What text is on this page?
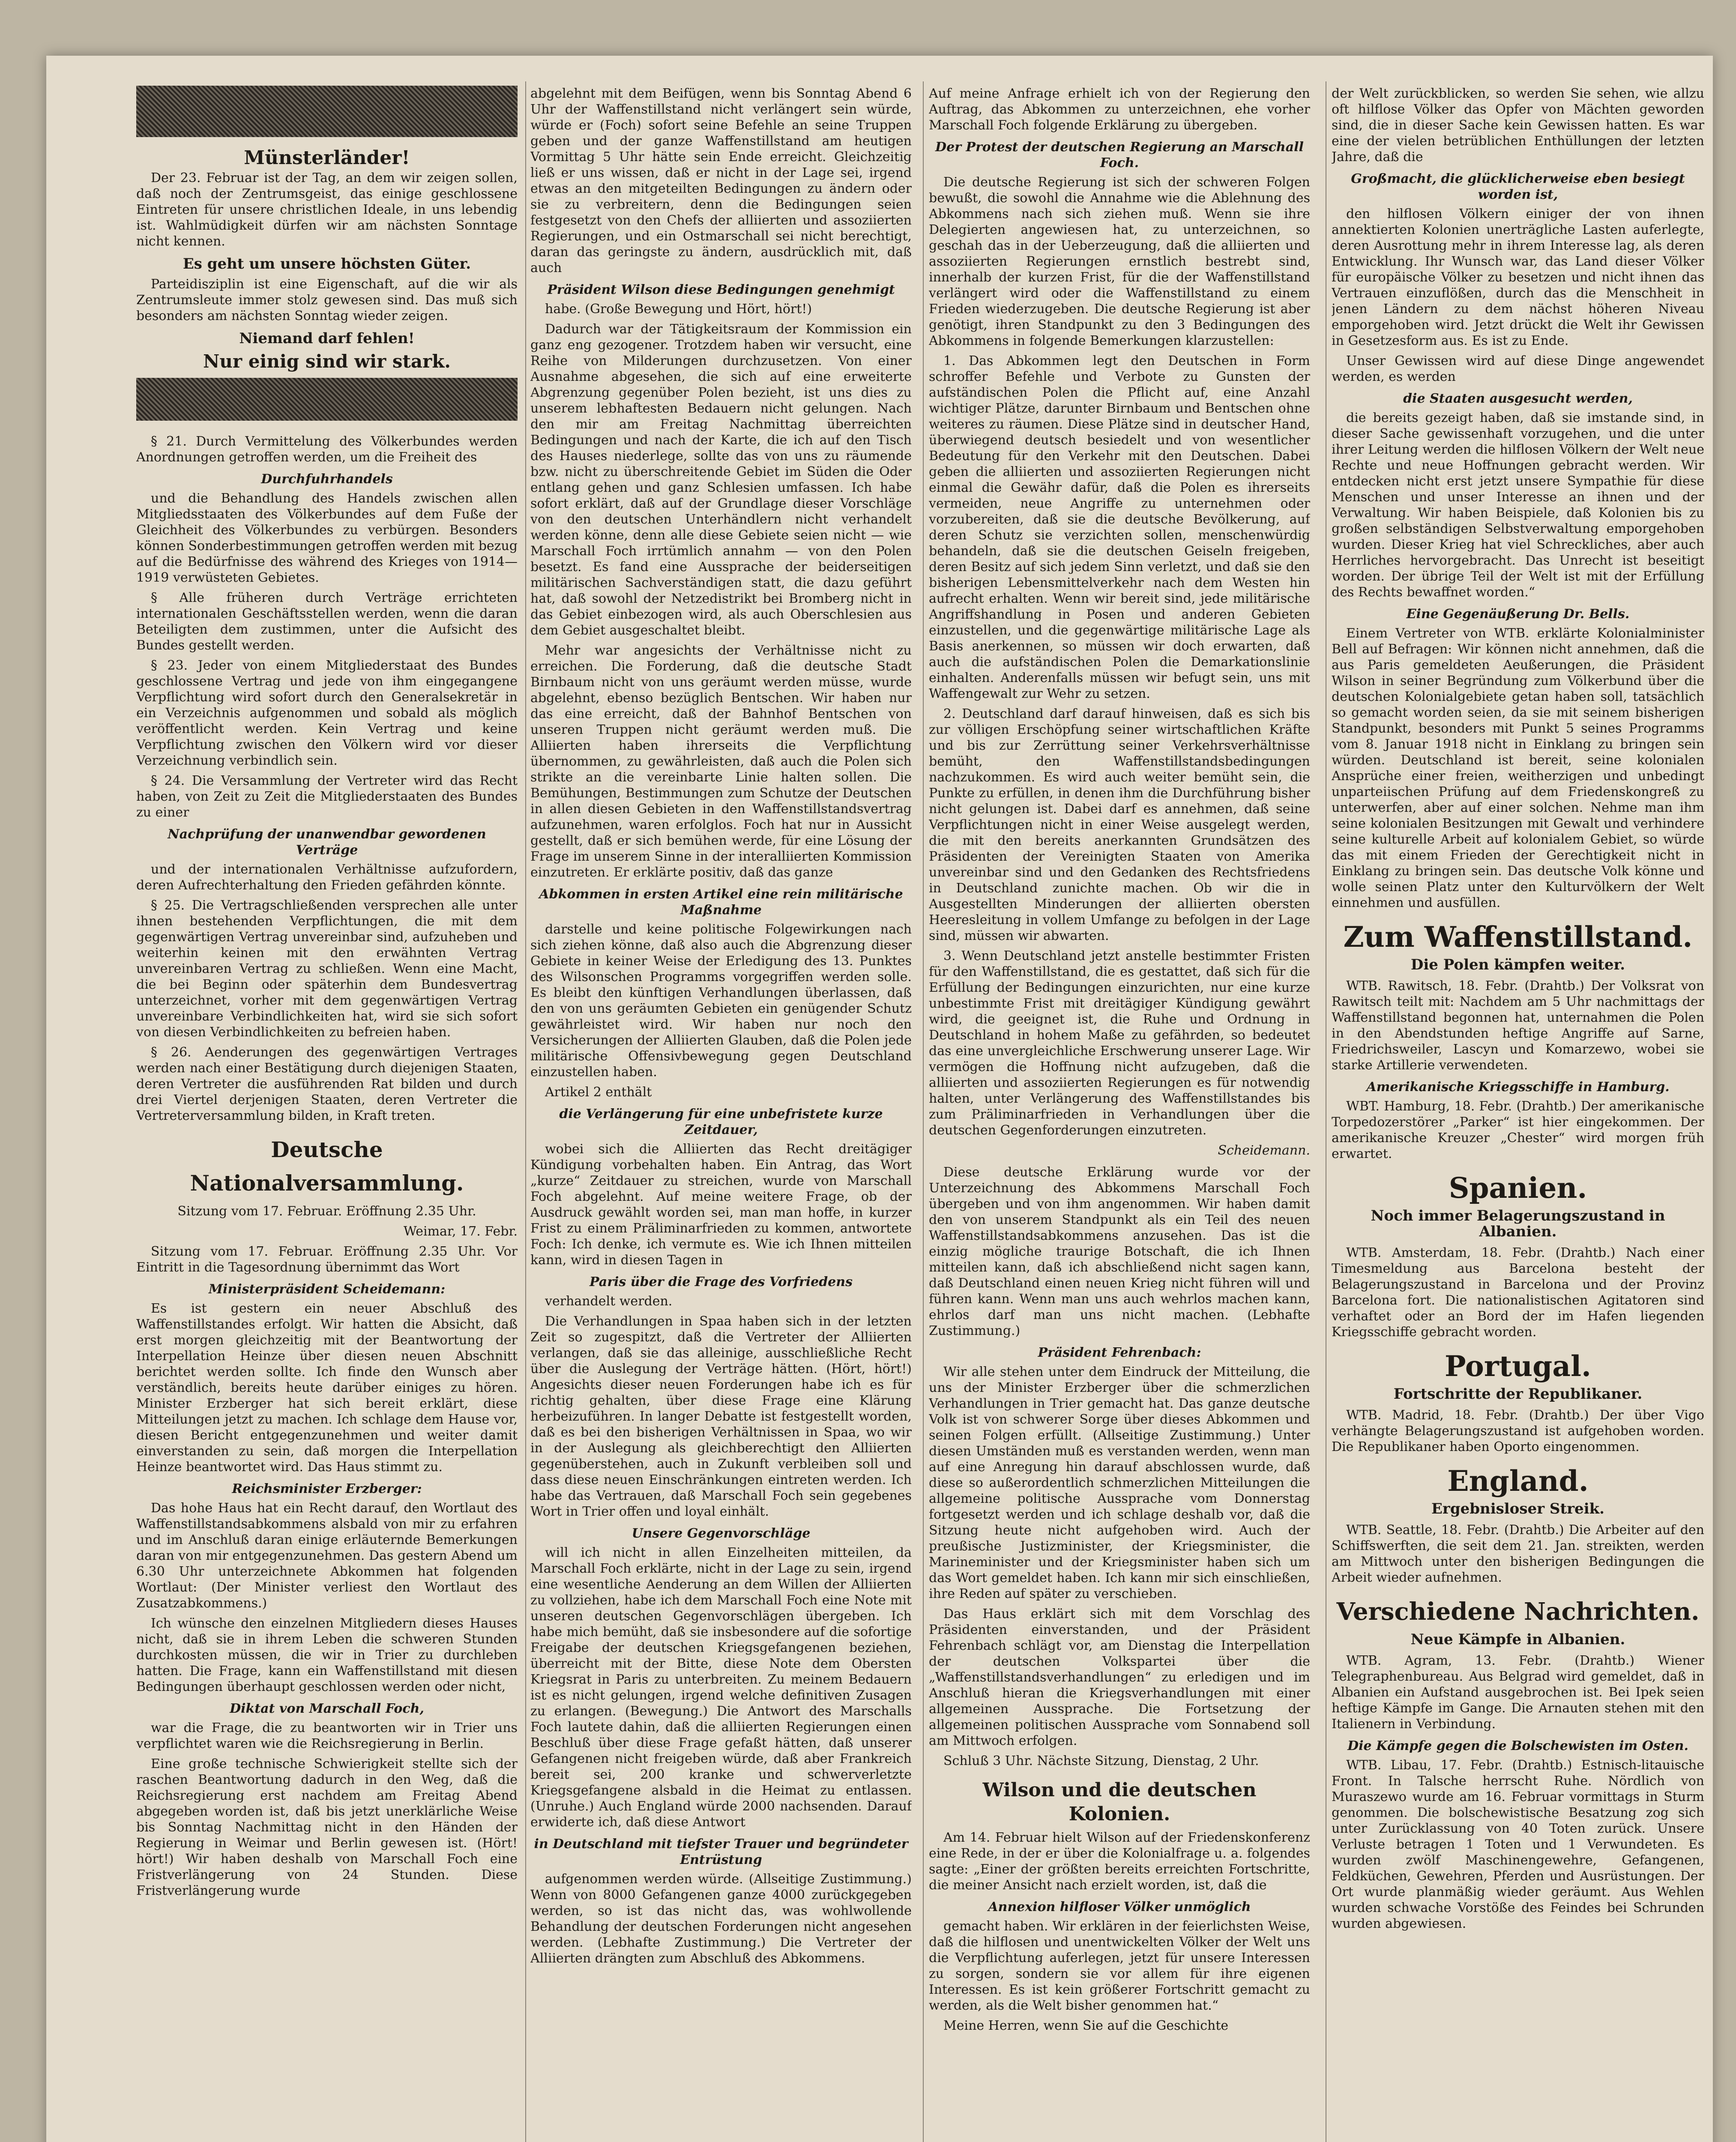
Münsterländer!

Der 23. Februar ist der Tag, an dem wir zeigen sollen, daß noch der Zentrumsgeist, das einige geschlossene Eintreten für unsere christlichen Ideale, in uns lebendig ist. Wahlmüdigkeit dürfen wir am nächsten Sonntage nicht kennen.

Es geht um unsere höchsten Güter.

Parteidisziplin ist eine Eigenschaft, auf die wir als Zentrumsleute immer stolz gewesen sind. Das muß sich besonders am nächsten Sonntag wieder zeigen.

Niemand darf fehlen!
Nur einig sind wir stark.

§ 21. Durch Vermittelung des Völkerbundes werden Anordnungen getroffen werden, um die Freiheit des

Durchfuhrhandels

und die Behandlung des Handels zwischen allen Mitgliedsstaaten des Völkerbundes auf dem Fuße der Gleichheit des Völkerbundes zu verbürgen. Besonders können Sonderbestimmungen getroffen werden mit bezug auf die Bedürfnisse des während des Krieges von 1914—1919 verwüsteten Gebietes.

§ Alle früheren durch Verträge errichteten internationalen Geschäftsstellen werden, wenn die daran Beteiligten dem zustimmen, unter die Aufsicht des Bundes gestellt werden.

§ 23. Jeder von einem Mitgliederstaat des Bundes geschlossene Vertrag und jede von ihm eingegangene Verpflichtung wird sofort durch den Generalsekretär in ein Verzeichnis aufgenommen und sobald als möglich veröffentlicht werden. Kein Vertrag und keine Verpflichtung zwischen den Völkern wird vor dieser Verzeichnung verbindlich sein.

§ 24. Die Versammlung der Vertreter wird das Recht haben, von Zeit zu Zeit die Mitgliederstaaten des Bundes zu einer

Nachprüfung der unanwendbar gewordenen Verträge

und der internationalen Verhältnisse aufzufordern, deren Aufrechterhaltung den Frieden gefährden könnte.

§ 25. Die Vertragschließenden versprechen alle unter ihnen bestehenden Verpflichtungen, die mit dem gegenwärtigen Vertrag unvereinbar sind, aufzuheben und weiterhin keinen mit den erwähnten Vertrag unvereinbaren Vertrag zu schließen. Wenn eine Macht, die bei Beginn oder späterhin dem Bundesvertrag unterzeichnet, vorher mit dem gegenwärtigen Vertrag unvereinbare Verbindlichkeiten hat, wird sie sich sofort von diesen Verbindlichkeiten zu befreien haben.

§ 26. Aenderungen des gegenwärtigen Vertrages werden nach einer Bestätigung durch diejenigen Staaten, deren Vertreter die ausführenden Rat bilden und durch drei Viertel derjenigen Staaten, deren Vertreter die Vertreterversammlung bilden, in Kraft treten.

Deutsche Nationalversammlung.

Sitzung vom 17. Februar. Eröffnung 2.35 Uhr.

Weimar, 17. Febr.

Sitzung vom 17. Februar. Eröffnung 2.35 Uhr. Vor Eintritt in die Tagesordnung übernimmt das Wort

Ministerpräsident Scheidemann:

Es ist gestern ein neuer Abschluß des Waffenstillstandes erfolgt. Wir hatten die Absicht, daß erst morgen gleichzeitig mit der Beantwortung der Interpellation Heinze über diesen neuen Abschnitt berichtet werden sollte. Ich finde den Wunsch aber verständlich, bereits heute darüber einiges zu hören. Minister Erzberger hat sich bereit erklärt, diese Mitteilungen jetzt zu machen. Ich schlage dem Hause vor, diesen Bericht entgegenzunehmen und weiter damit einverstanden zu sein, daß morgen die Interpellation Heinze beantwortet wird. Das Haus stimmt zu.

Reichsminister Erzberger:

Das hohe Haus hat ein Recht darauf, den Wortlaut des Waffenstillstandsabkommens alsbald von mir zu erfahren und im Anschluß daran einige erläuternde Bemerkungen daran von mir entgegenzunehmen. Das gestern Abend um 6.30 Uhr unterzeichnete Abkommen hat folgenden Wortlaut: (Der Minister verliest den Wortlaut des Zusatzabkommens.)

Ich wünsche den einzelnen Mitgliedern dieses Hauses nicht, daß sie in ihrem Leben die schweren Stunden durchkosten müssen, die wir in Trier zu durchleben hatten. Die Frage, kann ein Waffenstillstand mit diesen Bedingungen überhaupt geschlossen werden oder nicht,

Diktat von Marschall Foch,

war die Frage, die zu beantworten wir in Trier uns verpflichtet waren wie die Reichsregierung in Berlin.

Eine große technische Schwierigkeit stellte sich der raschen Beantwortung dadurch in den Weg, daß die Reichsregierung erst nachdem am Freitag Abend abgegeben worden ist, daß bis jetzt unerklärliche Weise bis Sonntag Nachmittag nicht in den Händen der Regierung in Weimar und Berlin gewesen ist. (Hört! hört!) Wir haben deshalb von Marschall Foch eine Fristverlängerung von 24 Stunden. Diese Fristverlängerung wurde

abgelehnt mit dem Beifügen, wenn bis Sonntag Abend 6 Uhr der Waffenstillstand nicht verlängert sein würde, würde er (Foch) sofort seine Befehle an seine Truppen geben und der ganze Waffenstillstand am heutigen Vormittag 5 Uhr hätte sein Ende erreicht. Gleichzeitig ließ er uns wissen, daß er nicht in der Lage sei, irgend etwas an den mitgeteilten Bedingungen zu ändern oder sie zu verbreitern, denn die Bedingungen seien festgesetzt von den Chefs der alliierten und assoziierten Regierungen, und ein Ostmarschall sei nicht berechtigt, daran das geringste zu ändern, ausdrücklich mit, daß auch

Präsident Wilson diese Bedingungen genehmigt

habe. (Große Bewegung und Hört, hört!)

Dadurch war der Tätigkeitsraum der Kommission ein ganz eng gezogener. Trotzdem haben wir versucht, eine Reihe von Milderungen durchzusetzen. Von einer Ausnahme abgesehen, die sich auf eine erweiterte Abgrenzung gegenüber Polen bezieht, ist uns dies zu unserem lebhaftesten Bedauern nicht gelungen. Nach den mir am Freitag Nachmittag überreichten Bedingungen und nach der Karte, die ich auf den Tisch des Hauses niederlege, sollte das von uns zu räumende bzw. nicht zu überschreitende Gebiet im Süden die Oder entlang gehen und ganz Schlesien umfassen. Ich habe sofort erklärt, daß auf der Grundlage dieser Vorschläge von den deutschen Unterhändlern nicht verhandelt werden könne, denn alle diese Gebiete seien nicht — wie Marschall Foch irrtümlich annahm — von den Polen besetzt. Es fand eine Aussprache der beiderseitigen militärischen Sachverständigen statt, die dazu geführt hat, daß sowohl der Netzedistrikt bei Bromberg nicht in das Gebiet einbezogen wird, als auch Oberschlesien aus dem Gebiet ausgeschaltet bleibt.

Mehr war angesichts der Verhältnisse nicht zu erreichen. Die Forderung, daß die deutsche Stadt Birnbaum nicht von uns geräumt werden müsse, wurde abgelehnt, ebenso bezüglich Bentschen. Wir haben nur das eine erreicht, daß der Bahnhof Bentschen von unseren Truppen nicht geräumt werden muß. Die Alliierten haben ihrerseits die Verpflichtung übernommen, zu gewährleisten, daß auch die Polen sich strikte an die vereinbarte Linie halten sollen. Die Bemühungen, Bestimmungen zum Schutze der Deutschen in allen diesen Gebieten in den Waffenstillstandsvertrag aufzunehmen, waren erfolglos. Foch hat nur in Aussicht gestellt, daß er sich bemühen werde, für eine Lösung der Frage im unserem Sinne in der interalliierten Kommission einzutreten. Er erklärte positiv, daß das ganze

Abkommen in ersten Artikel eine rein militärische Maßnahme

darstelle und keine politische Folgewirkungen nach sich ziehen könne, daß also auch die Abgrenzung dieser Gebiete in keiner Weise der Erledigung des 13. Punktes des Wilsonschen Programms vorgegriffen werden solle. Es bleibt den künftigen Verhandlungen überlassen, daß den von uns geräumten Gebieten ein genügender Schutz gewährleistet wird. Wir haben nur noch den Versicherungen der Alliierten Glauben, daß die Polen jede militärische Offensivbewegung gegen Deutschland einzustellen haben.

Artikel 2 enthält

die Verlängerung für eine unbefristete kurze Zeitdauer,

wobei sich die Alliierten das Recht dreitägiger Kündigung vorbehalten haben. Ein Antrag, das Wort „kurze“ Zeitdauer zu streichen, wurde von Marschall Foch abgelehnt. Auf meine weitere Frage, ob der Ausdruck gewählt worden sei, man man hoffe, in kurzer Frist zu einem Präliminarfrieden zu kommen, antwortete Foch: Ich denke, ich vermute es. Wie ich Ihnen mitteilen kann, wird in diesen Tagen in

Paris über die Frage des Vorfriedens

verhandelt werden.

Die Verhandlungen in Spaa haben sich in der letzten Zeit so zugespitzt, daß die Vertreter der Alliierten verlangen, daß sie das alleinige, ausschließliche Recht über die Auslegung der Verträge hätten. (Hört, hört!) Angesichts dieser neuen Forderungen habe ich es für richtig gehalten, über diese Frage eine Klärung herbeizuführen. In langer Debatte ist festgestellt worden, daß es bei den bisherigen Verhältnissen in Spaa, wo wir in der Auslegung als gleichberechtigt den Alliierten gegenüberstehen, auch in Zukunft verbleiben soll und dass diese neuen Einschränkungen eintreten werden. Ich habe das Vertrauen, daß Marschall Foch sein gegebenes Wort in Trier offen und loyal einhält.

Unsere Gegenvorschläge

will ich nicht in allen Einzelheiten mitteilen, da Marschall Foch erklärte, nicht in der Lage zu sein, irgend eine wesentliche Aenderung an dem Willen der Alliierten zu vollziehen, habe ich dem Marschall Foch eine Note mit unseren deutschen Gegenvorschlägen übergeben. Ich habe mich bemüht, daß sie insbesondere auf die sofortige Freigabe der deutschen Kriegsgefangenen beziehen, überreicht mit der Bitte, diese Note dem Obersten Kriegsrat in Paris zu unterbreiten. Zu meinem Bedauern ist es nicht gelungen, irgend welche definitiven Zusagen zu erlangen. (Bewegung.) Die Antwort des Marschalls Foch lautete dahin, daß die alliierten Regierungen einen Beschluß über diese Frage gefaßt hätten, daß unserer Gefangenen nicht freigeben würde, daß aber Frankreich bereit sei, 200 kranke und schwerverletzte Kriegsgefangene alsbald in die Heimat zu entlassen. (Unruhe.) Auch England würde 2000 nachsenden. Darauf erwiderte ich, daß diese Antwort

in Deutschland mit tiefster Trauer und begründeter Entrüstung

aufgenommen werden würde. (Allseitige Zustimmung.) Wenn von 8000 Gefangenen ganze 4000 zurückgegeben werden, so ist das nicht das, was wohlwollende Behandlung der deutschen Forderungen nicht angesehen werden. (Lebhafte Zustimmung.) Die Vertreter der Alliierten drängten zum Abschluß des Abkommens.

Auf meine Anfrage erhielt ich von der Regierung den Auftrag, das Abkommen zu unterzeichnen, ehe vorher Marschall Foch folgende Erklärung zu übergeben.

Der Protest der deutschen Regierung an Marschall Foch.

Die deutsche Regierung ist sich der schweren Folgen bewußt, die sowohl die Annahme wie die Ablehnung des Abkommens nach sich ziehen muß. Wenn sie ihre Delegierten angewiesen hat, zu unterzeichnen, so geschah das in der Ueberzeugung, daß die alliierten und assoziierten Regierungen ernstlich bestrebt sind, innerhalb der kurzen Frist, für die der Waffenstillstand verlängert wird oder die Waffenstillstand zu einem Frieden wiederzugeben. Die deutsche Regierung ist aber genötigt, ihren Standpunkt zu den 3 Bedingungen des Abkommens in folgende Bemerkungen klarzustellen:

1. Das Abkommen legt den Deutschen in Form schroffer Befehle und Verbote zu Gunsten der aufständischen Polen die Pflicht auf, eine Anzahl wichtiger Plätze, darunter Birnbaum und Bentschen ohne weiteres zu räumen. Diese Plätze sind in deutscher Hand, überwiegend deutsch besiedelt und von wesentlicher Bedeutung für den Verkehr mit den Deutschen. Dabei geben die alliierten und assoziierten Regierungen nicht einmal die Gewähr dafür, daß die Polen es ihrerseits vermeiden, neue Angriffe zu unternehmen oder vorzubereiten, daß sie die deutsche Bevölkerung, auf deren Schutz sie verzichten sollen, menschenwürdig behandeln, daß sie die deutschen Geiseln freigeben, deren Besitz auf sich jedem Sinn verletzt, und daß sie den bisherigen Lebensmittelverkehr nach dem Westen hin aufrecht erhalten. Wenn wir bereit sind, jede militärische Angriffshandlung in Posen und anderen Gebieten einzustellen, und die gegenwärtige militärische Lage als Basis anerkennen, so müssen wir doch erwarten, daß auch die aufständischen Polen die Demarkationslinie einhalten. Anderenfalls müssen wir befugt sein, uns mit Waffengewalt zur Wehr zu setzen.

2. Deutschland darf darauf hinweisen, daß es sich bis zur völligen Erschöpfung seiner wirtschaftlichen Kräfte und bis zur Zerrüttung seiner Verkehrsverhältnisse bemüht, den Waffenstillstandsbedingungen nachzukommen. Es wird auch weiter bemüht sein, die Punkte zu erfüllen, in denen ihm die Durchführung bisher nicht gelungen ist. Dabei darf es annehmen, daß seine Verpflichtungen nicht in einer Weise ausgelegt werden, die mit den bereits anerkannten Grundsätzen des Präsidenten der Vereinigten Staaten von Amerika unvereinbar sind und den Gedanken des Rechtsfriedens in Deutschland zunichte machen. Ob wir die in Ausgestellten Minderungen der alliierten obersten Heeresleitung in vollem Umfange zu befolgen in der Lage sind, müssen wir abwarten.

3. Wenn Deutschland jetzt anstelle bestimmter Fristen für den Waffenstillstand, die es gestattet, daß sich für die Erfüllung der Bedingungen einzurichten, nur eine kurze unbestimmte Frist mit dreitägiger Kündigung gewährt wird, die geeignet ist, die Ruhe und Ordnung in Deutschland in hohem Maße zu gefährden, so bedeutet das eine unvergleichliche Erschwerung unserer Lage. Wir vermögen die Hoffnung nicht aufzugeben, daß die alliierten und assoziierten Regierungen es für notwendig halten, unter Verlängerung des Waffenstillstandes bis zum Präliminarfrieden in Verhandlungen über die deutschen Gegenforderungen einzutreten.

Scheidemann.

Diese deutsche Erklärung wurde vor der Unterzeichnung des Abkommens Marschall Foch übergeben und von ihm angenommen. Wir haben damit den von unserem Standpunkt als ein Teil des neuen Waffenstillstandsabkommens anzusehen. Das ist die einzig mögliche traurige Botschaft, die ich Ihnen mitteilen kann, daß ich abschließend nicht sagen kann, daß Deutschland einen neuen Krieg nicht führen will und führen kann. Wenn man uns auch wehrlos machen kann, ehrlos darf man uns nicht machen. (Lebhafte Zustimmung.)

Präsident Fehrenbach:

Wir alle stehen unter dem Eindruck der Mitteilung, die uns der Minister Erzberger über die schmerzlichen Verhandlungen in Trier gemacht hat. Das ganze deutsche Volk ist von schwerer Sorge über dieses Abkommen und seinen Folgen erfüllt. (Allseitige Zustimmung.) Unter diesen Umständen muß es verstanden werden, wenn man auf eine Anregung hin darauf abschlossen wurde, daß diese so außerordentlich schmerzlichen Mitteilungen die allgemeine politische Aussprache vom Donnerstag fortgesetzt werden und ich schlage deshalb vor, daß die Sitzung heute nicht aufgehoben wird. Auch der preußische Justizminister, der Kriegsminister, die Marineminister und der Kriegsminister haben sich um das Wort gemeldet haben. Ich kann mir sich einschließen, ihre Reden auf später zu verschieben.

Das Haus erklärt sich mit dem Vorschlag des Präsidenten einverstanden, und der Präsident Fehrenbach schlägt vor, am Dienstag die Interpellation der deutschen Volkspartei über die „Waffenstillstandsverhandlungen“ zu erledigen und im Anschluß hieran die Kriegsverhandlungen mit einer allgemeinen Aussprache. Die Fortsetzung der allgemeinen politischen Aussprache vom Sonnabend soll am Mittwoch erfolgen.

Schluß 3 Uhr. Nächste Sitzung, Dienstag, 2 Uhr.

Wilson und die deutschen Kolonien.

Am 14. Februar hielt Wilson auf der Friedenskonferenz eine Rede, in der er über die Kolonialfrage u. a. folgendes sagte: „Einer der größten bereits erreichten Fortschritte, die meiner Ansicht nach erzielt worden, ist, daß die

Annexion hilfloser Völker unmöglich

gemacht haben. Wir erklären in der feierlichsten Weise, daß die hilflosen und unentwickelten Völker der Welt uns die Verpflichtung auferlegen, jetzt für unsere Interessen zu sorgen, sondern sie vor allem für ihre eigenen Interessen. Es ist kein größerer Fortschritt gemacht zu werden, als die Welt bisher genommen hat.“

Meine Herren, wenn Sie auf die Geschichte

der Welt zurückblicken, so werden Sie sehen, wie allzu oft hilflose Völker das Opfer von Mächten geworden sind, die in dieser Sache kein Gewissen hatten. Es war eine der vielen betrüblichen Enthüllungen der letzten Jahre, daß die

Großmacht, die glücklicherweise eben besiegt worden ist,

den hilflosen Völkern einiger der von ihnen annektierten Kolonien unerträgliche Lasten auferlegte, deren Ausrottung mehr in ihrem Interesse lag, als deren Entwicklung. Ihr Wunsch war, das Land dieser Völker für europäische Völker zu besetzen und nicht ihnen das Vertrauen einzuflößen, durch das die Menschheit in jenen Ländern zu dem nächst höheren Niveau emporgehoben wird. Jetzt drückt die Welt ihr Gewissen in Gesetzesform aus. Es ist zu Ende.

Unser Gewissen wird auf diese Dinge angewendet werden, es werden

die Staaten ausgesucht werden,

die bereits gezeigt haben, daß sie imstande sind, in dieser Sache gewissenhaft vorzugehen, und die unter ihrer Leitung werden die hilflosen Völkern der Welt neue Rechte und neue Hoffnungen gebracht werden. Wir entdecken nicht erst jetzt unsere Sympathie für diese Menschen und unser Interesse an ihnen und der Verwaltung. Wir haben Beispiele, daß Kolonien bis zu großen selbständigen Selbstverwaltung emporgehoben wurden. Dieser Krieg hat viel Schreckliches, aber auch Herrliches hervorgebracht. Das Unrecht ist beseitigt worden. Der übrige Teil der Welt ist mit der Erfüllung des Rechts bewaffnet worden.“

Eine Gegenäußerung Dr. Bells.

Einem Vertreter von WTB. erklärte Kolonialminister Bell auf Befragen: Wir können nicht annehmen, daß die aus Paris gemeldeten Aeußerungen, die Präsident Wilson in seiner Begründung zum Völkerbund über die deutschen Kolonialgebiete getan haben soll, tatsächlich so gemacht worden seien, da sie mit seinem bisherigen Standpunkt, besonders mit Punkt 5 seines Programms vom 8. Januar 1918 nicht in Einklang zu bringen sein würden. Deutschland ist bereit, seine kolonialen Ansprüche einer freien, weitherzigen und unbedingt unparteiischen Prüfung auf dem Friedenskongreß zu unterwerfen, aber auf einer solchen. Nehme man ihm seine kolonialen Besitzungen mit Gewalt und verhindere seine kulturelle Arbeit auf kolonialem Gebiet, so würde das mit einem Frieden der Gerechtigkeit nicht in Einklang zu bringen sein. Das deutsche Volk könne und wolle seinen Platz unter den Kulturvölkern der Welt einnehmen und ausfüllen.

Zum Waffenstillstand.
Die Polen kämpfen weiter.

WTB. Rawitsch, 18. Febr. (Drahtb.) Der Volksrat von Rawitsch teilt mit: Nachdem am 5 Uhr nachmittags der Waffenstillstand begonnen hat, unternahmen die Polen in den Abendstunden heftige Angriffe auf Sarne, Friedrichsweiler, Lascyn und Komarzewo, wobei sie starke Artillerie verwendeten.

Amerikanische Kriegsschiffe in Hamburg.

WBT. Hamburg, 18. Febr. (Drahtb.) Der amerikanische Torpedozerstörer „Parker“ ist hier eingekommen. Der amerikanische Kreuzer „Chester“ wird morgen früh erwartet.

Spanien.
Noch immer Belagerungszustand in Albanien.

WTB. Amsterdam, 18. Febr. (Drahtb.) Nach einer Timesmeldung aus Barcelona besteht der Belagerungszustand in Barcelona und der Provinz Barcelona fort. Die nationalistischen Agitatoren sind verhaftet oder an Bord der im Hafen liegenden Kriegsschiffe gebracht worden.

Portugal.
Fortschritte der Republikaner.

WTB. Madrid, 18. Febr. (Drahtb.) Der über Vigo verhängte Belagerungszustand ist aufgehoben worden. Die Republikaner haben Oporto eingenommen.

England.
Ergebnisloser Streik.

WTB. Seattle, 18. Febr. (Drahtb.) Die Arbeiter auf den Schiffswerften, die seit dem 21. Jan. streikten, werden am Mittwoch unter den bisherigen Bedingungen die Arbeit wieder aufnehmen.

Verschiedene Nachrichten.
Neue Kämpfe in Albanien.

WTB. Agram, 13. Febr. (Drahtb.) Wiener Telegraphenbureau. Aus Belgrad wird gemeldet, daß in Albanien ein Aufstand ausgebrochen ist. Bei Ipek seien heftige Kämpfe im Gange. Die Arnauten stehen mit den Italienern in Verbindung.

Die Kämpfe gegen die Bolschewisten im Osten.

WTB. Libau, 17. Febr. (Drahtb.) Estnisch-litauische Front. In Talsche herrscht Ruhe. Nördlich von Muraszewo wurde am 16. Februar vormittags in Sturm genommen. Die bolschewistische Besatzung zog sich unter Zurücklassung von 40 Toten zurück. Unsere Verluste betragen 1 Toten und 1 Verwundeten. Es wurden zwölf Maschinengewehre, Gefangenen, Feldküchen, Gewehren, Pferden und Ausrüstungen. Der Ort wurde planmäßig wieder geräumt. Aus Wehlen wurden schwache Vorstöße des Feindes bei Schrunden wurden abgewiesen.
